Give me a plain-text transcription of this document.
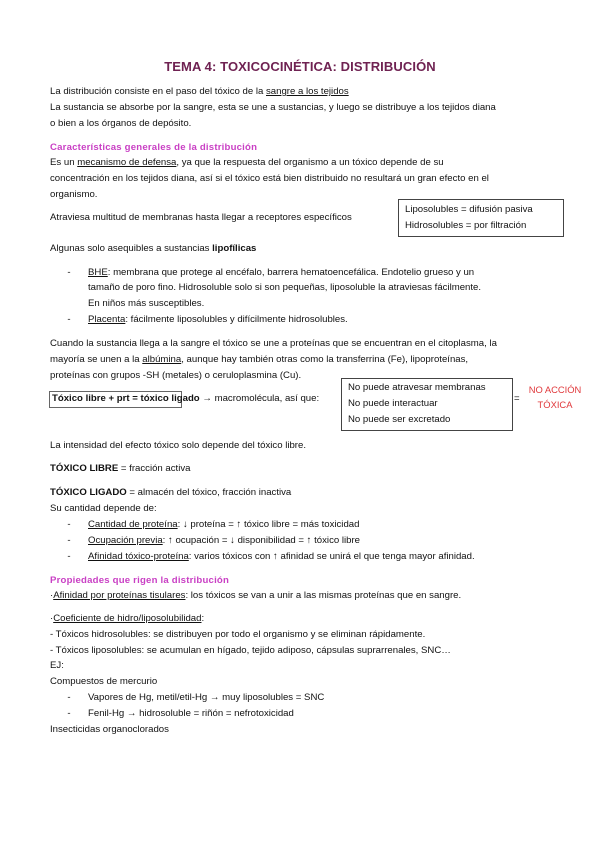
TEMA 4: TOXICOCINÉTICA: DISTRIBUCIÓN
La distribución consiste en el paso del tóxico de la sangre a los tejidos
La sustancia se absorbe por la sangre, esta se une a sustancias, y luego se distribuye a los tejidos diana
o bien a los órganos de depósito.
Características generales de la distribución
Es un mecanismo de defensa, ya que la respuesta del organismo a un tóxico depende de su
concentración en los tejidos diana, así si el tóxico está bien distribuido no resultará un gran efecto en el
organismo.
Atraviesa multitud de membranas hasta llegar a receptores específicos
Liposolubles = difusión pasiva
Hidrosolubles = por filtración
Algunas solo asequibles a sustancias lipofílicas
-	BHE: membrana que protege al encéfalo, barrera hematoencefálica. Endotelio grueso y un
tamaño de poro fino. Hidrosoluble solo si son pequeñas, liposoluble la atraviesas fácilmente.
En niños más susceptibles.
-	Placenta: fácilmente liposolubles y difícilmente hidrosolubles.
Cuando la sustancia llega a la sangre el tóxico se une a proteínas que se encuentran en el citoplasma, la
mayoría se unen a la albúmina, aunque hay también otras como la transferrina (Fe), lipoproteínas,
proteínas con grupos -SH (metales) o ceruloplasmina (Cu).
Tóxico libre + prt = tóxico ligado → macromolécula, así que:
No puede atravesar membranas
No puede interactuar
No puede ser excretado
=
NO ACCIÓN
TÓXICA
La intensidad del efecto tóxico solo depende del tóxico libre.
TÓXICO LIBRE = fracción activa
TÓXICO LIGADO = almacén del tóxico, fracción inactiva
Su cantidad depende de:
-	Cantidad de proteína: ↓ proteína = ↑ tóxico libre = más toxicidad
-	Ocupación previa: ↑ ocupación = ↓ disponibilidad = ↑ tóxico libre
-	Afinidad tóxico-proteína: varios tóxicos con ↑ afinidad se unirá el que tenga mayor afinidad.
Propiedades que rigen la distribución
·Afinidad por proteínas tisulares: los tóxicos se van a unir a las mismas proteínas que en sangre.
·Coeficiente de hidro/liposolubilidad:
- Tóxicos hidrosolubles: se distribuyen por todo el organismo y se eliminan rápidamente.
- Tóxicos liposolubles: se acumulan en hígado, tejido adiposo, cápsulas suprarrenales, SNC…
EJ:
Compuestos de mercurio
-	Vapores de Hg, metil/etil-Hg → muy liposolubles = SNC
-	Fenil-Hg → hidrosoluble = riñón = nefrotoxicidad
Insecticidas organoclorados
